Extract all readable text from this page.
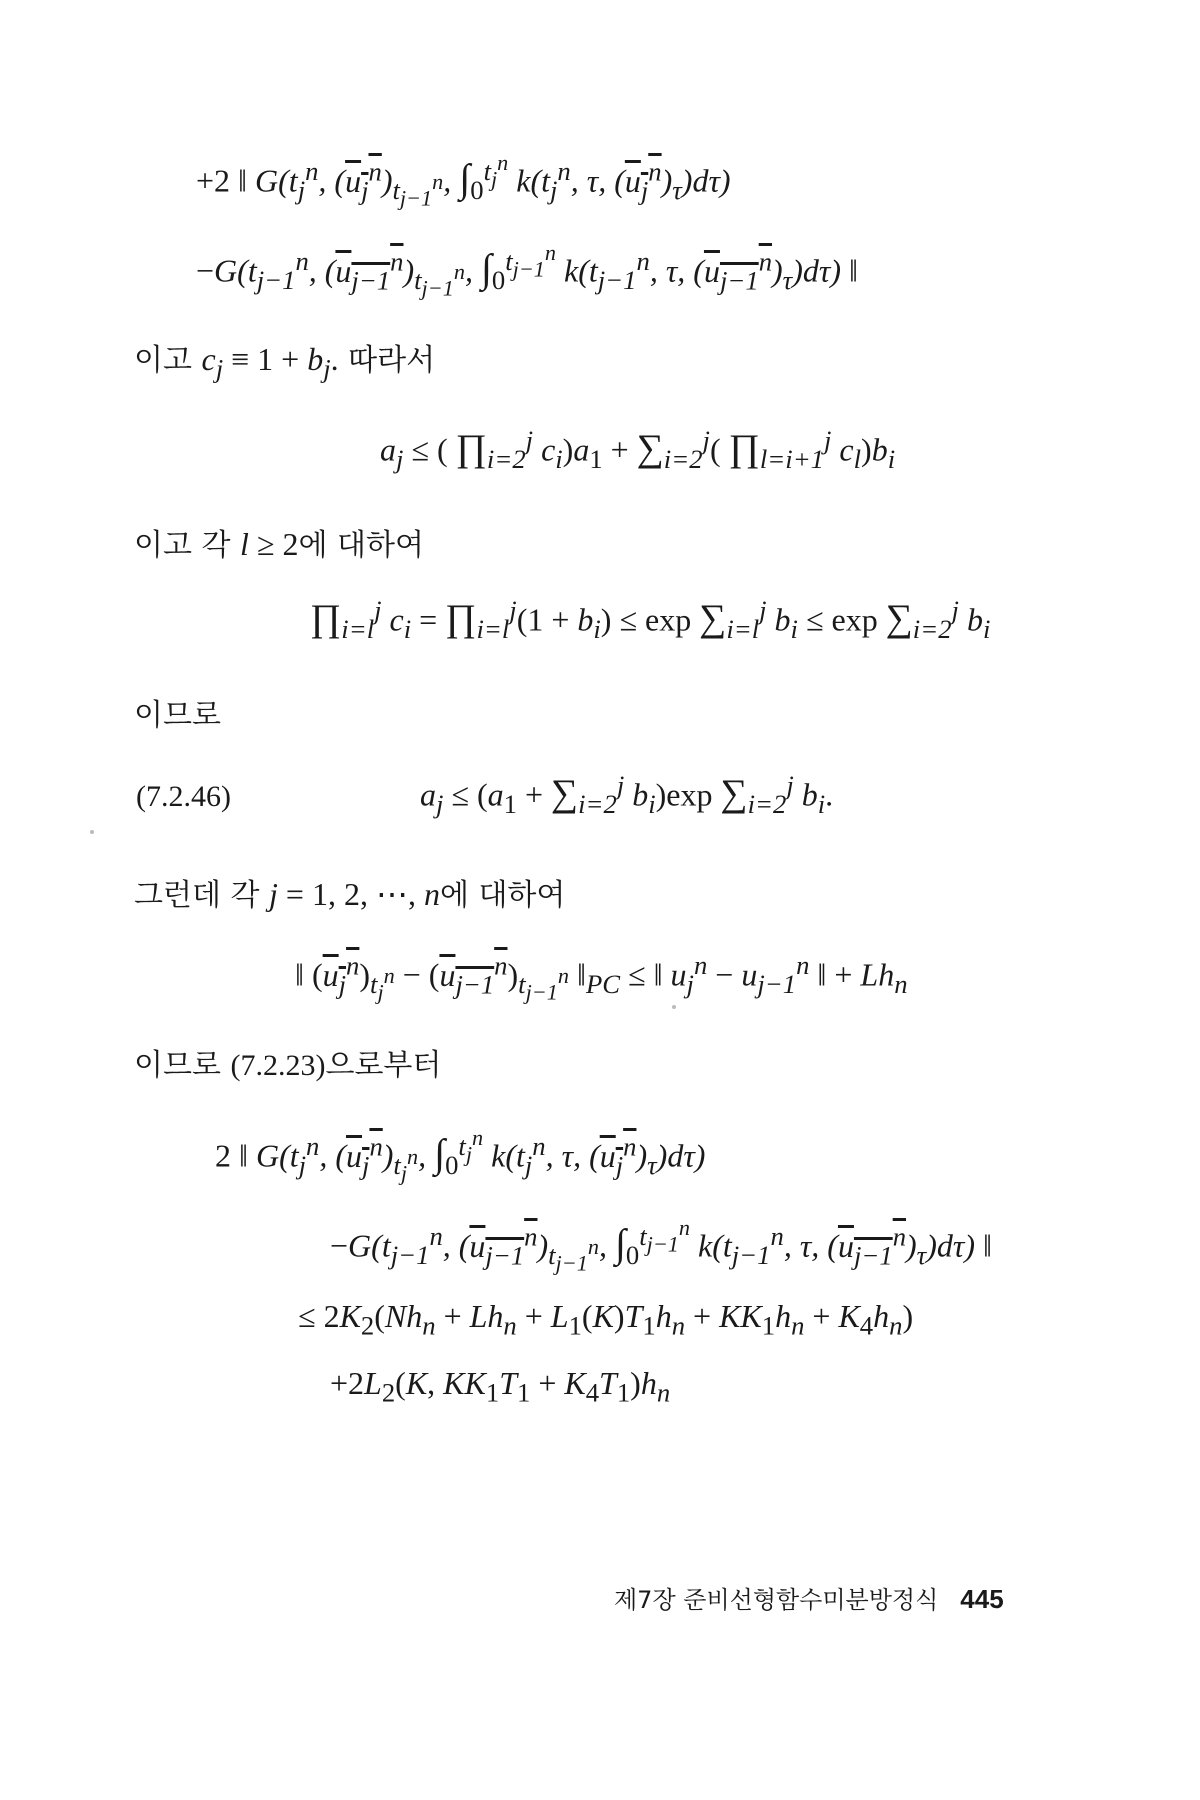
+2 ‖ $G(t_j^n$, $(u_j^n)_{t_{j-1}^n}$, $\int_0^{t_j^n}$ $k(t_j^n$, τ, $(u_j^n)_\tau)d\tau$)
$-G(t_{j-1}^n$, $(u_{j-1}^n)_{t_{j-1}^n}$, $\int_0^{t_{j-1}^n}$ $k(t_{j-1}^n$, τ, $(u_{j-1}^n)_\tau)d\tau$) ‖
이고 $c_j \equiv 1 + b_j$. 따라서
$a_j$ ≤ ( $\prod_{i=2}^j$ $c_i)a_1 + \sum_{i=2}^j$( $\prod_{l=i+1}^j$ $c_l)b_i$
이고 각 l ≥ 2에 대하여
$\prod_{i=l}^j$ $c_i$ = $\prod_{i=l}^j(1 + b_i) \le \exp \sum_{i=l}^j$ $b_i \le \exp \sum_{i=2}^j$ $b_i$
이므로
(7.2.46)	$a_j \le (a_1 + \sum_{i=2}^j$ $b_i)\exp$ $\sum_{i=2}^j$ $b_i$.
그런데 각 j = 1, 2, ⋯, n에 대하여
‖ $(u_j^n)_{t_j^n} - (u_{j-1}^n)_{t_{j-1}^n}$ $‖_{PC}$ ≤ ‖ $u_j^n - u_{j-1}^n$ ‖ + $Lh_n$
이므로 (7.2.23)으로부터
2 ‖ $G(t_j^n$, $(u_j^n)_{t_j^n}$, $\int_0^{t_j^n}$ $k(t_j^n$, τ, $(u_j^n)_\tau)d\tau$)
$-G(t_{j-1}^n$, $(u_{j-1}^n)_{t_{j-1}^n}$, $\int_0^{t_{j-1}^n}$ $k(t_{j-1}^n$, τ, $(u_{j-1}^n)_\tau)d\tau$) ‖
≤ $2K_2(Nh_n + Lh_n + L_1(K)T_1h_n + KK_1h_n + K_4h_n)$
$+2L_2(K$, $KK_1T_1 + K_4T_1)h_n$
제7장 준비선형함수미분방정식 445
